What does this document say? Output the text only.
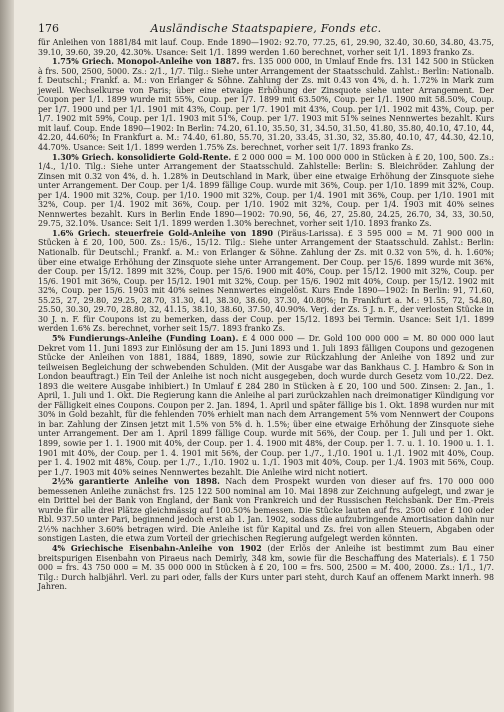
176	Ausländische Staatspapiere, Fonds etc.

für Anleihen von 1881/84 mit lauf. Coup. Ende 1890—1902: 92.70, 77.25, 61, 29.90, 32.40, 30.60, 34.80, 43.75, 39.10, 39.60, 39.20, 42.30%. Usance: Seit 1/1. 1899 werden 1.60 berechnet, vorher seit 1/1. 1893 franko Zs.

1.75% Griech. Monopol-Anleihe von 1887. frs. 135 000 000, in Umlauf Ende frs. 131 142 500 in Stücken à frs. 500, 2500, 5000. Zs.: 2/1., 1/7. Tilg.: Siehe unter Arrangement der Staatsschuld. Zahlst.: Berlin: Nationalb. f. Deutschl.; Frankf. a. M.: von Erlanger & Söhne. Zahlung der Zs. mit 0.43 von 4%, d. h. 1.72% in Mark zum jeweil. Wechselkurse von Paris; über eine etwaige Erhöhung der Zinsquote siehe unter Arrangement. Der Coupon per 1/1. 1899 wurde mit 55%, Coup. per 1/7. 1899 mit 63.50%, Coup. per 1/1. 1900 mit 58.50%, Coup. per 1/7. 1900 und per 1/1. 1901 mit 43%, Coup. per 1/7. 1901 mit 43%, Coup. per 1/1. 1902 mit 43%, Coup. per 1/7. 1902 mit 59%, Coup. per 1/1. 1903 mit 51%, Coup. per 1/7. 1903 mit 51% seines Nennwertes bezahlt. Kurs mit lauf. Coup. Ende 1890—1902: In Berlin: 74.20, 61.10, 35.50, 31, 34.50, 31.50, 41.80, 35.80, 40.10, 47.10, 44, 42.20, 44.60%; In Frankfurt a. M.: 74.40, 61.80, 55.70, 31.20, 33.45, 31.30, 32, 35.80, 40.10, 47, 44.30, 42.10, 44.70%. Usance: Seit 1/1. 1899 werden 1.75% Zs. berechnet, vorher seit 1/7. 1893 franko Zs.

1.30% Griech. konsolidierte Gold-Rente. £ 2 000 000 = M. 100 000 000 in Stücken à £ 20, 100, 500. Zs.: 1/4., 1/10. Tilg.: Siehe unter Arrangement der Staatsschuld. Zahlstelle: Berlin: S. Bleichröder. Zahlung der Zinsen mit 0.32 von 4%, d. h. 1.28% in Deutschland in Mark, über eine etwaige Erhöhung der Zinsquote siehe unter Arrangement. Der Coup. per 1/4. 1899 fällige Coup. wurde mit 36%, Coup. per 1/10. 1899 mit 32%, Coup. per 1/4. 1900 mit 32%, Coup. per 1/10. 1900 mit 32%, Coup. per 1/4. 1901 mit 36%, Coup. per 1/10. 1901 mit 32%, Coup. per 1/4. 1902 mit 36%, Coup. per 1/10. 1902 mit 32%, Coup. per 1/4. 1903 mit 40% seines Nennwertes bezahlt. Kurs in Berlin Ende 1890—1902: 70.90, 56, 46, 27, 25.80, 24.25, 26.70, 34, 33, 30.50, 29.75, 32.10%. Usance: Seit 1/1. 1899 werden 1.30% berechnet, vorher seit 1/10. 1893 franko Zs.

1.6% Griech. steuerfreie Gold-Anleihe von 1890 (Piräus-Larissa). £ 3 595 000 = M. 71 900 000 in Stücken à £ 20, 100, 500. Zs.: 15/6., 15/12. Tilg.: Siehe unter Arrangement der Staatsschuld. Zahlst.: Berlin: Nationalb. für Deutschl.; Frankf. a. M.: von Erlanger & Söhne. Zahlung der Zs. mit 0.32 von 5%, d. h. 1.60%; über eine etwaige Erhöhung der Zinsquote siehe unter Arrangement. Der Coup. per 15/6. 1899 wurde mit 36%, der Coup. per 15/12. 1899 mit 32%, Coup. per 15/6. 1900 mit 40%, Coup. per 15/12. 1900 mit 32%, Coup. per 15/6. 1901 mit 36%, Coup. per 15/12. 1901 mit 32%, Coup. per 15/6. 1902 mit 40%, Coup. per 15/12. 1902 mit 32%, Coup. per 15/6. 1903 mit 40% seines Nennwertes eingelöst. Kurs Ende 1890—1902: In Berlin: 91, 71.60, 55.25, 27, 29.80, 29.25, 28.70, 31.30, 41, 38.30, 38.60, 37.30, 40.80%; In Frankfurt a. M.: 91.55, 72, 54.80, 25.50, 30.30, 29.70, 28.80, 32, 41.15, 38.10, 38.60, 37.50, 40.90%. Verj. der Zs. 5 J. n. F., der verlosten Stücke in 30 J. n. F. für Coupons ist zu bemerken, dass der Coup. per 15/12. 1893 bei Termin. Usance: Seit 1/1. 1899 werden 1.6% Zs. berechnet, vorher seit 15/7. 1893 franko Zs.

5% Fundierungs-Anleihe (Funding Loan). £ 4 000 000 — Dr. Gold 100 000 000 = M. 80 000 000 laut Dekret vom 11. Juni 1893 zur Einlösung der am 15. Juni 1893 und 1. Juli 1893 fälligen Coupons und gezogenen Stücke der Anleihen von 1881, 1884, 1889, 1890, sowie zur Rückzahlung der Anleihe von 1892 und zur teilweisen Begleichung der schwebenden Schulden. (Mit der Ausgabe war das Bankhaus C. J. Hambro & Son in London beauftragt.) Ein Teil der Anleihe ist noch nicht ausgegeben, doch wurde durch Gesetz vom 10./22. Dez. 1893 die weitere Ausgabe inhibiert.) In Umlauf £ 284 280 in Stücken à £ 20, 100 und 500. Zinsen: 2. Jan., 1. April, 1. Juli und 1. Okt. Die Regierung kann die Anleihe al pari zurückzahlen nach dreimonatiger Kündigung vor der Fälligkeit eines Coupons. Coupon per 2. Jan. 1894, 1. April und später fällige bis 1. Okt. 1898 wurden nur mit 30% in Gold bezahlt, für die fehlenden 70% erhielt man nach dem Arrangement 5% vom Nennwert der Coupons in bar. Zahlung der Zinsen jetzt mit 1.5% von 5% d. h. 1.5%; über eine etwaige Erhöhung der Zinsquote siehe unter Arrangement. Der am 1. April 1899 fällige Coup. wurde mit 56%, der Coup. per 1. Juli und per 1. Okt. 1899, sowie per 1. 1. 1900 mit 40%, der Coup. per 1. 4. 1900 mit 48%, der Coup. per 1. 7. u. 1. 10. 1900 u. 1. 1. 1901 mit 40%, der Coup. per 1. 4. 1901 mit 56%, der Coup. per 1./7., 1./10. 1901 u. 1./1. 1902 mit 40%, Coup. per 1. 4. 1902 mit 48%, Coup. per 1./7., 1./10. 1902 u. 1./1. 1903 mit 40%, Coup. per 1./4. 1903 mit 56%, Coup. per 1./7. 1903 mit 40% seines Nennwertes bezahlt. Die Anleihe wird nicht notiert.

2½% garantierte Anleihe von 1898. Nach dem Prospekt wurden von dieser auf frs. 170 000 000 bemessenen Anleihe zunächst frs. 125 122 500 nominal am 10. Mai 1898 zur Zeichnung aufgelegt, und zwar je ein Drittel bei der Bank von England, der Bank von Frankreich und der Russischen Reichsbank. Der Em.-Preis wurde für alle drei Plätze gleichmässig auf 100.50% bemessen. Die Stücke lauten auf frs. 2500 oder £ 100 oder Rbl. 937.50 unter Pari, beginnend jedoch erst ab 1. Jan. 1902, sodass die aufzubringende Amortisation dahin nur 2½% nachher 3.60% betragen wird. Die Anleihe ist für Kapital und Zs. frei von allen Steuern, Abgaben oder sonstigen Lasten, die etwa zum Vorteil der griechischen Regierung aufgelegt werden könnten.

4% Griechische Eisenbahn-Anleihe von 1902 (der Erlös der Anleihe ist bestimmt zum Bau einer breitspurigen Eisenbahn von Piraeus nach Demirly, 348 km, sowie für die Beschaffung des Materials). £ 1 750 000 = frs. 43 750 000 = M. 35 000 000 in Stücken à £ 20, 100 = frs. 500, 2500 = M. 400, 2000. Zs.: 1/1., 1/7. Tilg.: Durch halbjährl. Verl. zu pari oder, falls der Kurs unter pari steht, durch Kauf an offenem Markt innerh. 98 Jahren.
